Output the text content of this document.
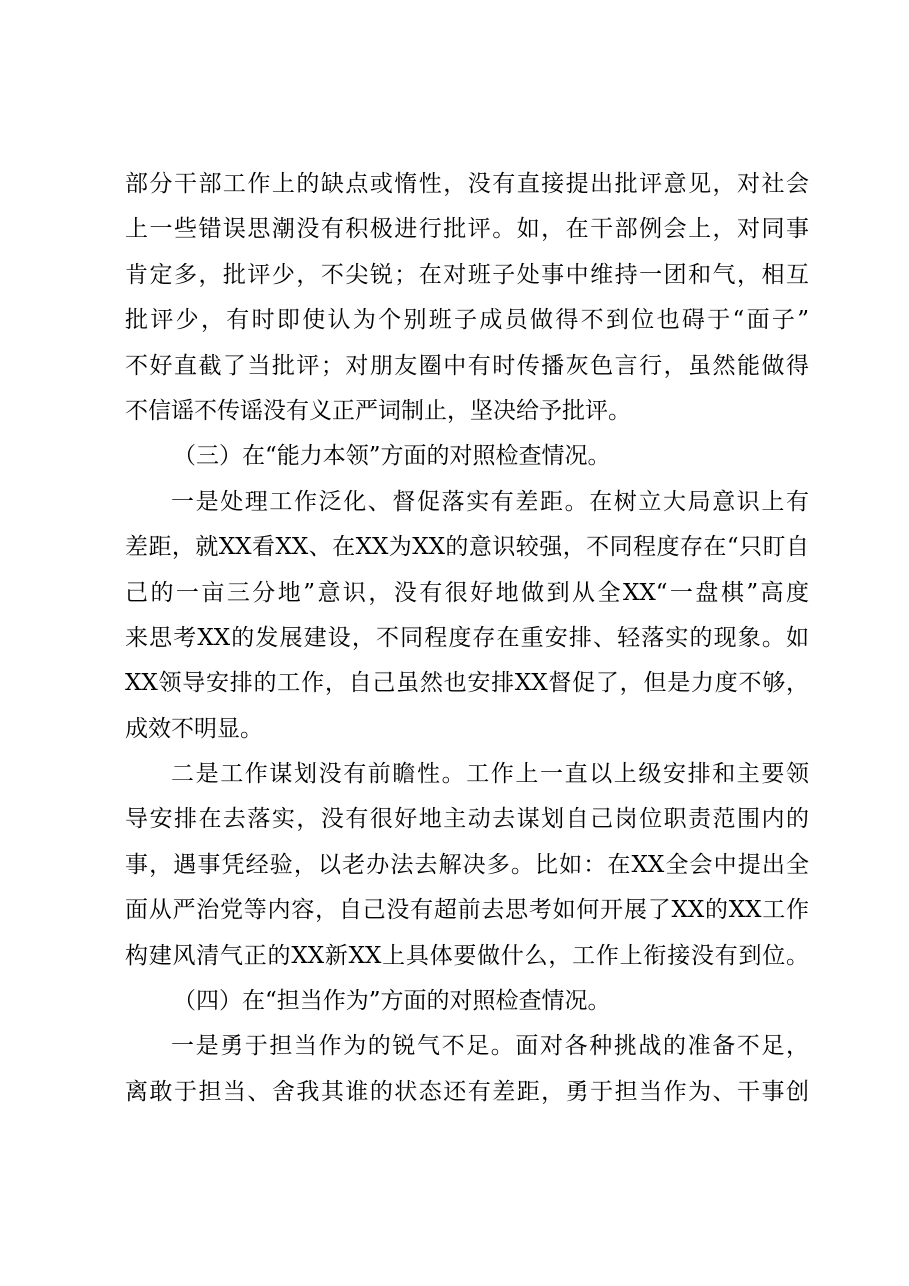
部分干部工作上的缺点或惰性，没有直接提出批评意见，对社会
上一些错误思潮没有积极进行批评。如，在干部例会上，对同事
肯定多，批评少，不尖锐；在对班子处事中维持一团和气，相互
批评少，有时即使认为个别班子成员做得不到位也碍于“面子”
不好直截了当批评；对朋友圈中有时传播灰色言行，虽然能做得
不信谣不传谣没有义正严词制止，坚决给予批评。
（三）在“能力本领”方面的对照检查情况。
一是处理工作泛化、督促落实有差距。在树立大局意识上有
差距，就XX看XX、在XX为XX的意识较强，不同程度存在“只盯自
己的一亩三分地”意识，没有很好地做到从全XX“一盘棋”高度
来思考XX的发展建设，不同程度存在重安排、轻落实的现象。如
XX领导安排的工作，自己虽然也安排XX督促了，但是力度不够，
成效不明显。
二是工作谋划没有前瞻性。工作上一直以上级安排和主要领
导安排在去落实，没有很好地主动去谋划自己岗位职责范围内的
事，遇事凭经验，以老办法去解决多。比如：在XX全会中提出全
面从严治党等内容，自己没有超前去思考如何开展了XX的XX工作
构建风清气正的XX新XX上具体要做什么，工作上衔接没有到位。
（四）在“担当作为”方面的对照检查情况。
一是勇于担当作为的锐气不足。面对各种挑战的准备不足，
离敢于担当、舍我其谁的状态还有差距，勇于担当作为、干事创
